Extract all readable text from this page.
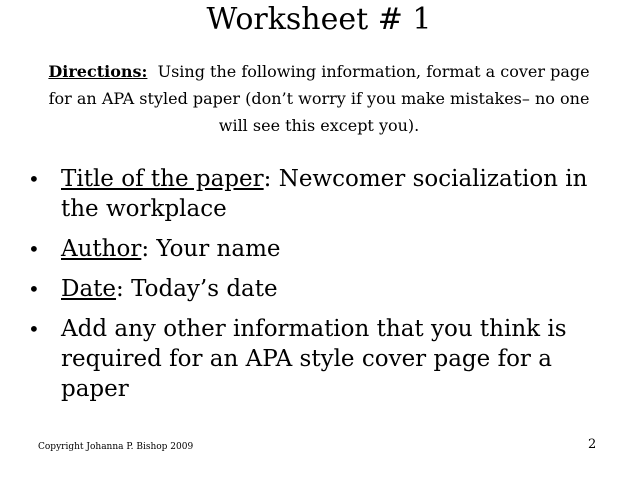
Worksheet # 1
Directions: Using the following information, format a cover page for an APA styled paper (don’t worry if you make mistakes– no one will see this except you).
• Title of the paper: Newcomer socialization in the workplace
• Author: Your name
• Date: Today’s date
• Add any other information that you think is required for an APA style cover page for a paper
Copyright Johanna P. Bishop 2009	2
